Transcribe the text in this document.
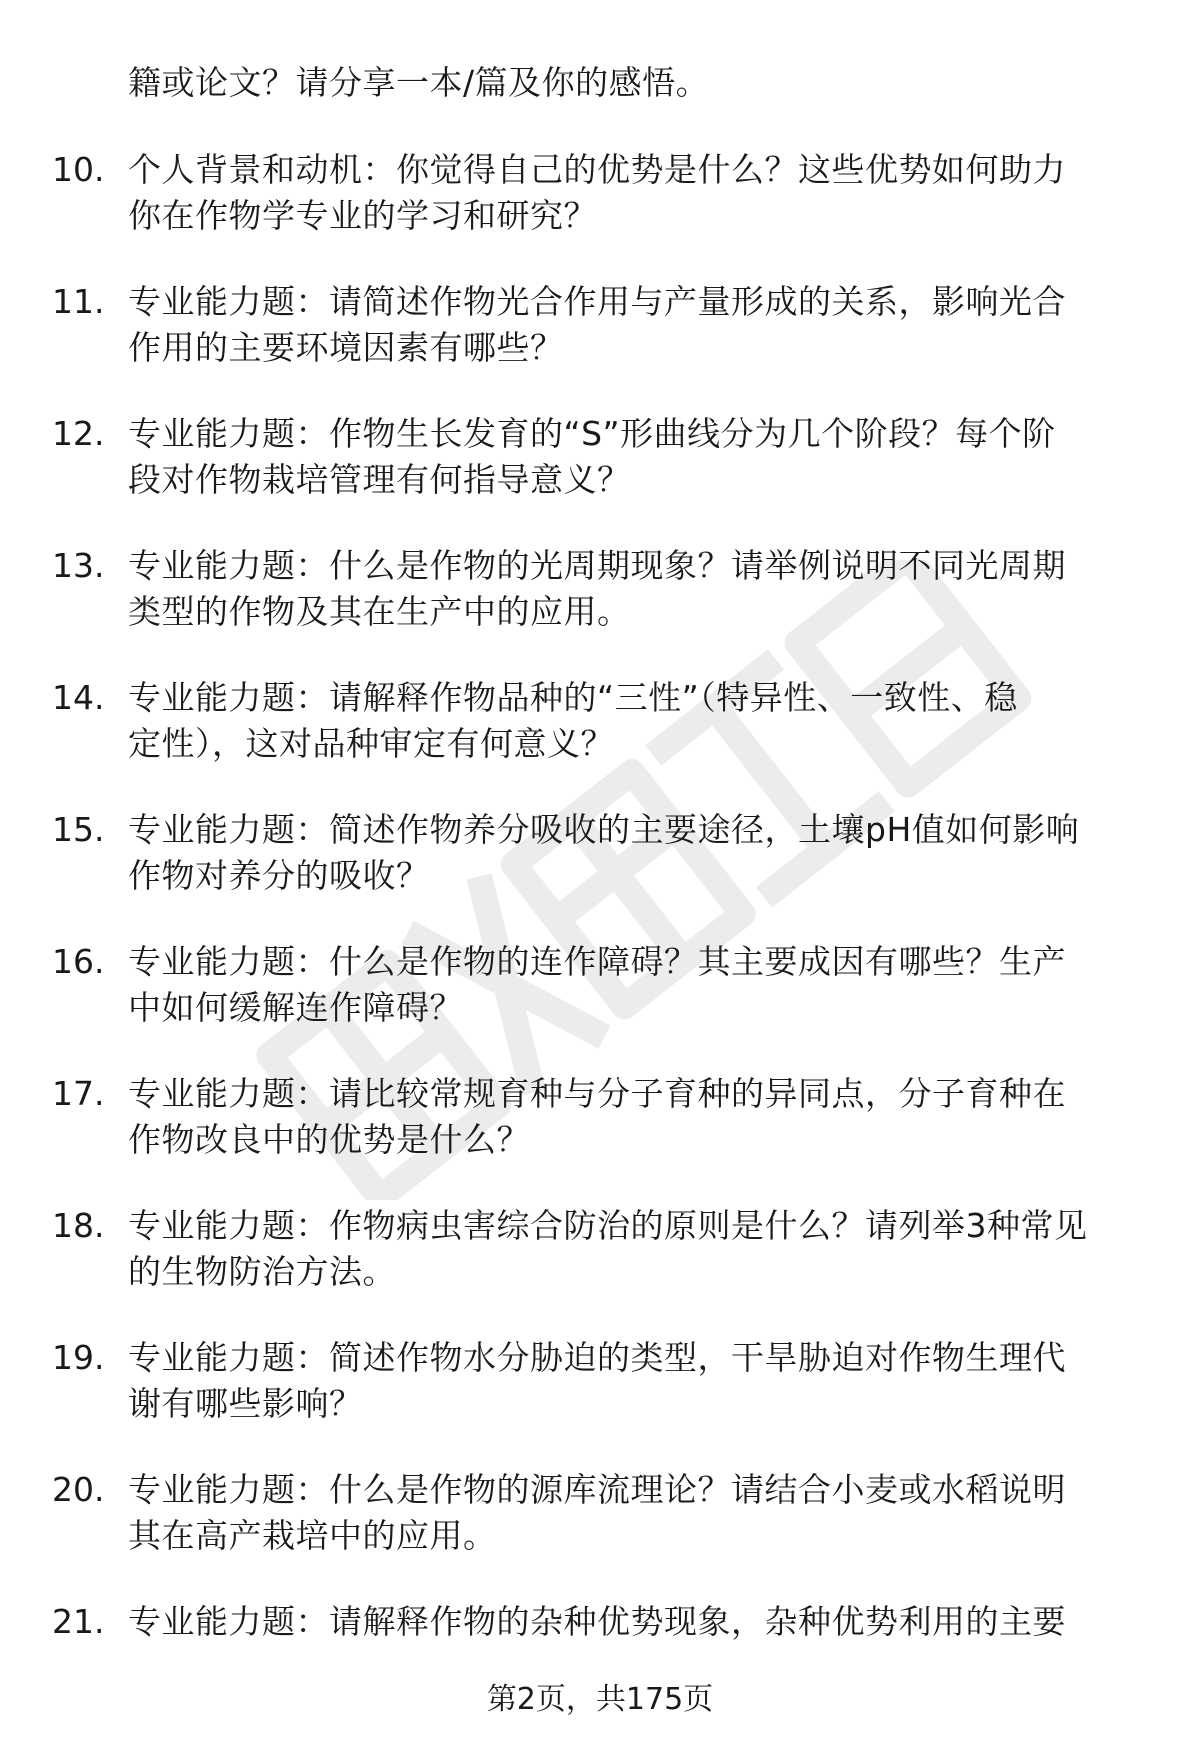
籍或论文？请分享一本/篇及你的感悟。
10. 个人背景和动机：你觉得自己的优势是什么？这些优势如何助力
你在作物学专业的学习和研究？
11. 专业能力题：请简述作物光合作用与产量形成的关系，影响光合
作用的主要环境因素有哪些？
12. 专业能力题：作物生长发育的“S”形曲线分为几个阶段？每个阶
段对作物栽培管理有何指导意义？
13. 专业能力题：什么是作物的光周期现象？请举例说明不同光周期
类型的作物及其在生产中的应用。
14. 专业能力题：请解释作物品种的“三性”（特异性、一致性、稳
定性），这对品种审定有何意义？
15. 专业能力题：简述作物养分吸收的主要途径，土壤pH值如何影响
作物对养分的吸收？
16. 专业能力题：什么是作物的连作障碍？其主要成因有哪些？生产
中如何缓解连作障碍？
17. 专业能力题：请比较常规育种与分子育种的异同点，分子育种在
作物改良中的优势是什么？
18. 专业能力题：作物病虫害综合防治的原则是什么？请列举3种常见
的生物防治方法。
19. 专业能力题：简述作物水分胁迫的类型，干旱胁迫对作物生理代
谢有哪些影响？
20. 专业能力题：什么是作物的源库流理论？请结合小麦或水稻说明
其在高产栽培中的应用。
21. 专业能力题：请解释作物的杂种优势现象，杂种优势利用的主要
第2页，共175页
